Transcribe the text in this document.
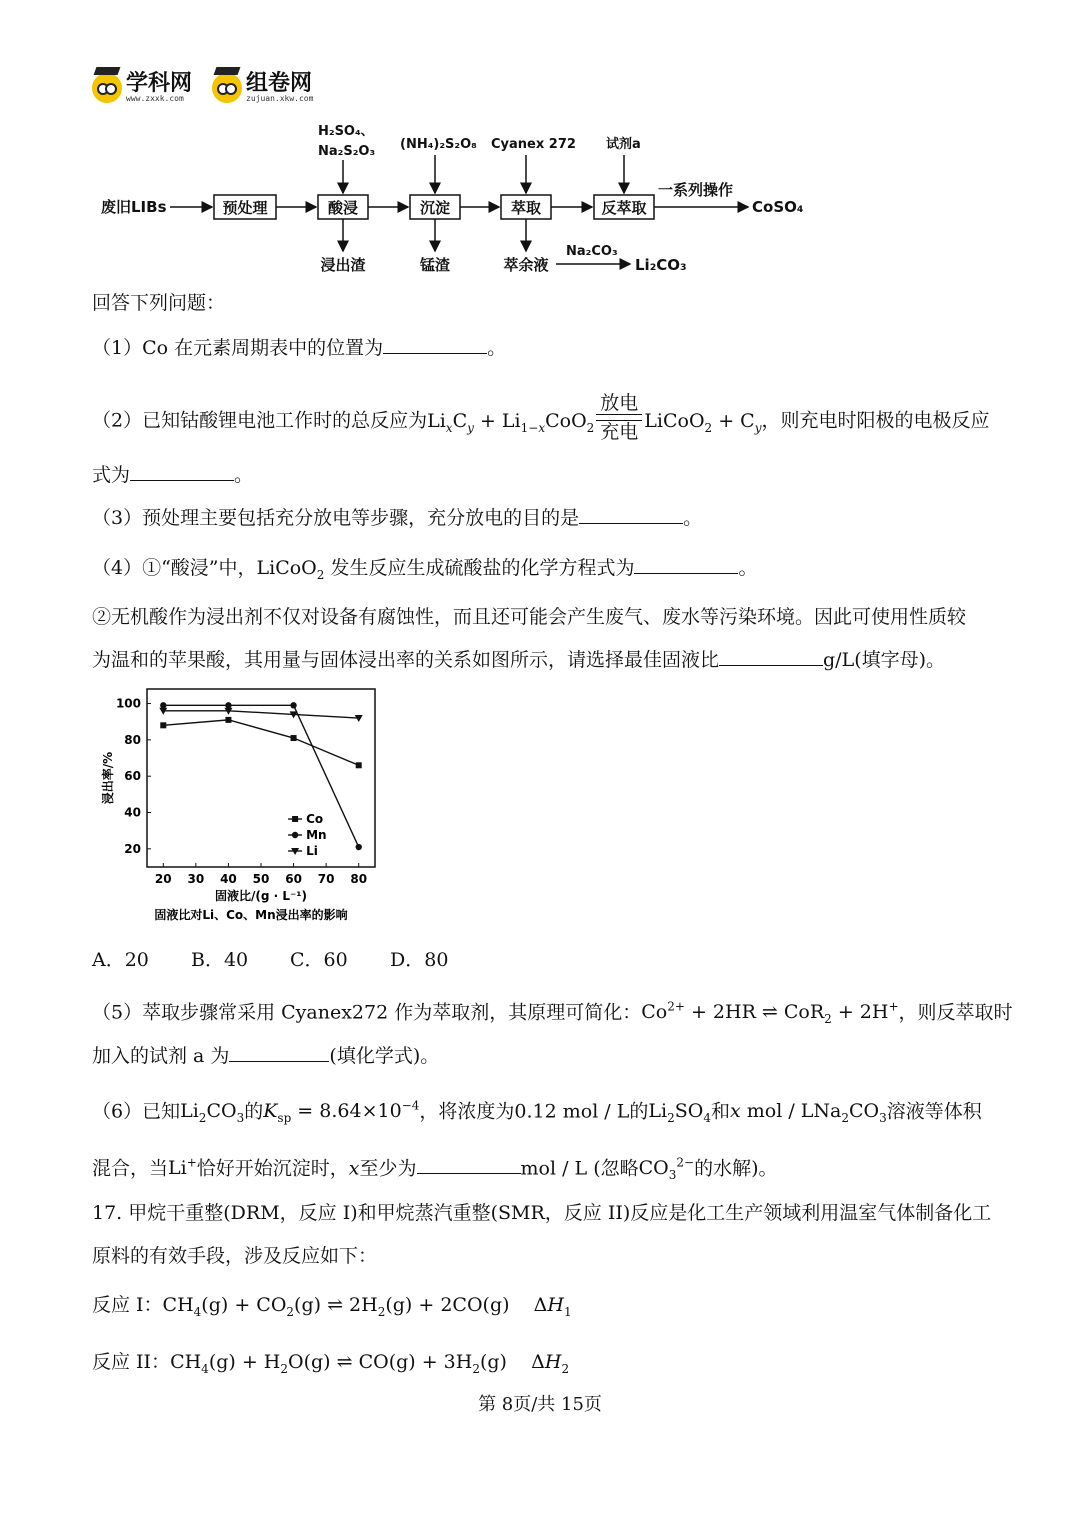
学科网
www.zxxk.com
组卷网
zujuan.xkw.com
废旧LIBs	预处理	酸浸	沉淀	萃取	反萃取
一系列操作
CoSO₄
H₂SO₄、
Na₂S₂O₃ (NH₄)₂S₂O₈ Cyanex 272 试剂a
浸出渣	锰渣	萃余液
Na₂CO₃
Li₂CO₃
回答下列问题：
（1）Co 在元素周期表中的位置为	。
（2）已知钴酸锂电池工作时的总反应为$Li_xC_y + Li_{1-x}CoO_2$
放电
充电
LiCoO$_2$ + $C_y$，则充电时阳极的电极反应
式为	。
（3）预处理主要包括充分放电等步骤，充分放电的目的是	。
（4）①“酸浸”中，LiCoO$_2$ 发生反应生成硫酸盐的化学方程式为	。
②无机酸作为浸出剂不仅对设备有腐蚀性，而且还可能会产生废气、废水等污染环境。因此可使用性质较
为温和的苹果酸，其用量与固体浸出率的关系如图所示，请选择最佳固液比	g/L(填字母)。
20 30 40 50 60 70 80
20
40
60
80
100
固液比/(g · L⁻¹)
固液比对Li、Co、Mn浸出率的影响
浸出率/%
Co
Mn
Li
A．20 B．40 C．60 D．80
（5）萃取步骤常采用 Cyanex272 作为萃取剂，其原理可简化：$Co^{2+} + 2HR$ ⇌ CoR$_2$ + 2H+，则反萃取时
加入的试剂 a 为	(填化学式)。
（6）已知$Li_2CO_3$的$K_{sp} = 8.64\times 10^{-4}$，将浓度为0.12 mol / L的$Li_2SO_4$和x mol / $LNa_2CO_3$溶液等体积
混合，当Li+恰好开始沉淀时，x至少为	mol / L (忽略$CO_3^{2-}$的水解)。
17. 甲烷干重整(DRM，反应 I)和甲烷蒸汽重整(SMR，反应 II)反应是化工生产领域利用温室气体制备化工
原料的有效手段，涉及反应如下：
反应 I：$CH_4(g) + CO_2(g)$ ⇌ $2H_2(g) + 2CO(g)$    $\Delta H_1$
反应 II：$CH_4(g) + H_2O(g)$ ⇌ $CO(g) + 3H_2(g)$    $\Delta H_2$
第 8页/共 15页
